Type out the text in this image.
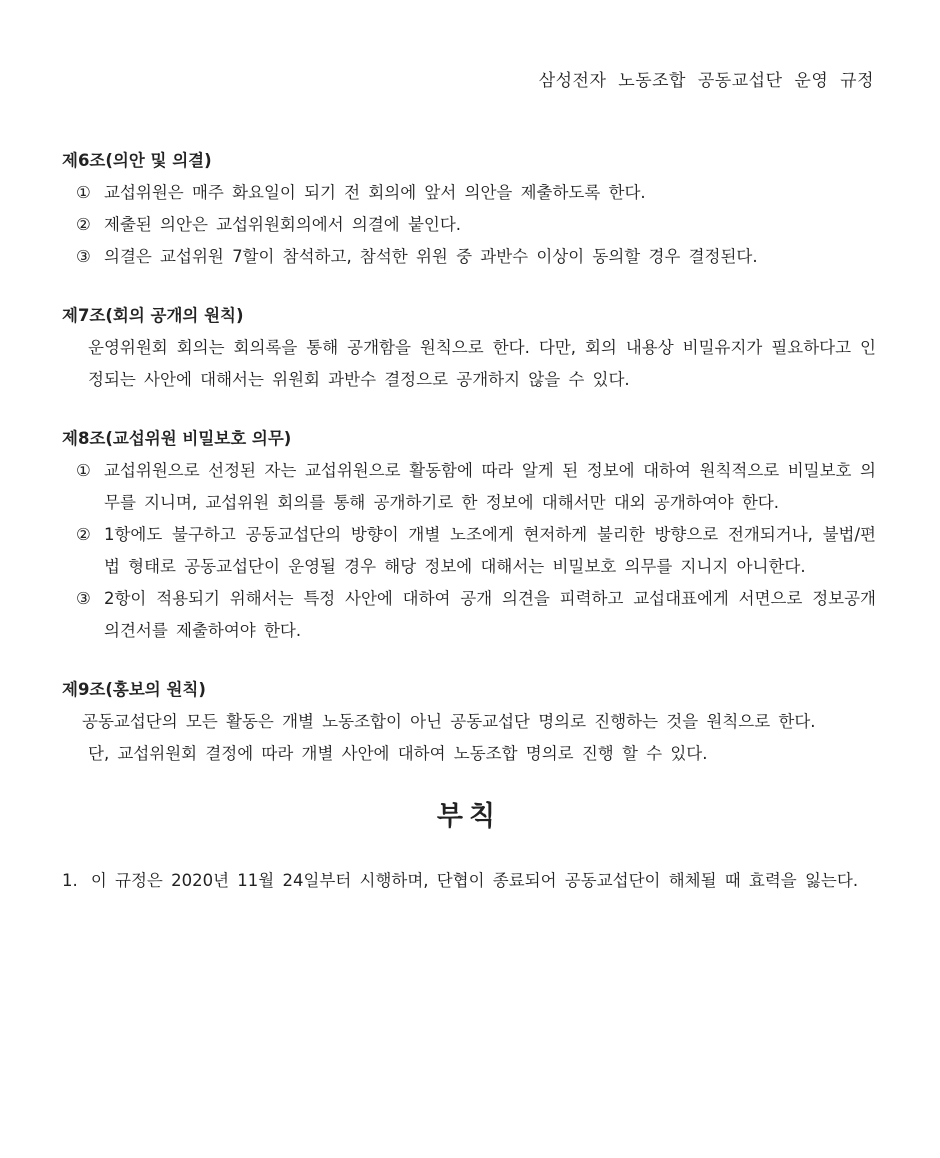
삼성전자 노동조합 공동교섭단 운영 규정
제6조(의안 및 의결)
① 교섭위원은 매주 화요일이 되기 전 회의에 앞서 의안을 제출하도록 한다.
② 제출된 의안은 교섭위원회의에서 의결에 붙인다.
③ 의결은 교섭위원 7할이 참석하고, 참석한 위원 중 과반수 이상이 동의할 경우 결정된다.
제7조(회의 공개의 원칙)
운영위원회 회의는 회의록을 통해 공개함을 원칙으로 한다. 다만, 회의 내용상 비밀유지가 필요하다고 인정되는 사안에 대해서는 위원회 과반수 결정으로 공개하지 않을 수 있다.
제8조(교섭위원 비밀보호 의무)
① 교섭위원으로 선정된 자는 교섭위원으로 활동함에 따라 알게 된 정보에 대하여 원칙적으로 비밀보호 의무를 지니며, 교섭위원 회의를 통해 공개하기로 한 정보에 대해서만 대외 공개하여야 한다.
② 1항에도 불구하고 공동교섭단의 방향이 개별 노조에게 현저하게 불리한 방향으로 전개되거나, 불법/편법 형태로 공동교섭단이 운영될 경우 해당 정보에 대해서는 비밀보호 의무를 지니지 아니한다.
③ 2항이 적용되기 위해서는 특정 사안에 대하여 공개 의견을 피력하고 교섭대표에게 서면으로 정보공개 의견서를 제출하여야 한다.
제9조(홍보의 원칙)
공동교섭단의 모든 활동은 개별 노동조합이 아닌 공동교섭단 명의로 진행하는 것을 원칙으로 한다.
단, 교섭위원회 결정에 따라 개별 사안에 대하여 노동조합 명의로 진행 할 수 있다.
부칙
1. 이 규정은 2020년 11월 24일부터 시행하며, 단협이 종료되어 공동교섭단이 해체될 때 효력을 잃는다.
